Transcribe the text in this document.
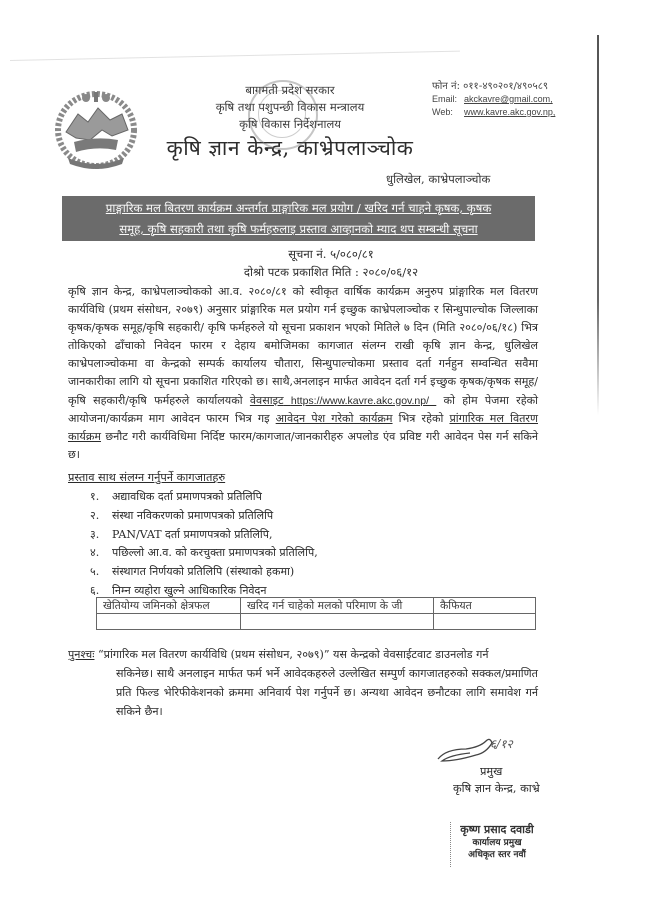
बागमती प्रदेश सरकार
कृषि तथा पशुपन्छी विकास मन्त्रालय
कृषि विकास निर्देशनालय
कृषि ज्ञान केन्द्र, काभ्रेपलाञ्चोक
फोन नं: ०११-४९०२०१/४९०५८९
Email: akckavre@gmail.com,
Web: www.kavre.akc.gov.np,
धुलिखेल, काभ्रेपलाञ्चोक
प्राङ्गारिक मल बितरण कार्यक्रम अन्तर्गत प्राङ्गारिक मल प्रयोग / खरिद गर्न चाहने कृषक, कृषक
समूह, कृषि सहकारी तथा कृषि फर्महरुलाइ प्रस्ताव आव्हानको म्याद थप सम्बन्धी सूचना
सूचना नं. ५/०८०/८१
दोश्रो पटक प्रकाशित मिति : २०८०/०६/१२
कृषि ज्ञान केन्द्र, काभ्रेपलाञ्चोकको आ.व. २०८०/८१ को स्वीकृत वार्षिक कार्यक्रम अनुरुप प्रांङ्गारिक मल वितरण कार्यविधि (प्रथम संसोधन, २०७९) अनुसार प्रांङ्गारिक मल प्रयोग गर्न इच्छुक काभ्रेपलाञ्चोक र सिन्धुपाल्चोक जिल्लाका कृषक/कृषक समूह/कृषि सहकारी/ कृषि फर्महरुले यो सूचना प्रकाशन भएको मितिले ७ दिन (मिति २०८०/०६/१८) भित्र तोकिएको ढाँचाको निवेदन फारम र देहाय बमोजिमका कागजात संलग्न राखी कृषि ज्ञान केन्द्र, धुलिखेल काभ्रेपलाञ्चोकमा वा केन्द्रको सम्पर्क कार्यालय चौतारा, सिन्धुपाल्चोकमा प्रस्ताव दर्ता गर्नहुन सम्वन्धित सवैमा जानकारीका लागि यो सूचना प्रकाशित गरिएको छ। साथै,अनलाइन मार्फत आवेदन दर्ता गर्न इच्छुक कृषक/कृषक समूह/कृषि सहकारी/कृषि फर्महरुले कार्यालयको वेवसाइट https://www.kavre.akc.gov.np/  को होम पेजमा रहेको आयोजना/कार्यक्रम माग आवेदन फारम भित्र गइ आवेदन पेश गरेको कार्यक्रम भित्र रहेको प्रांगारिक मल वितरण कार्यक्रम छनौट गरी कार्यविधिमा निर्दिष्ट फारम/कागजात/जानकारीहरु अपलोड एंव प्रविष्ट गरी आवेदन पेस गर्न सकिने छ।
प्रस्ताव साथ संलग्न गर्नुपर्ने कागजातहरु
१.	अद्यावधिक दर्ता प्रमाणपत्रको प्रतिलिपि
२.	संस्था नविकरणको प्रमाणपत्रको प्रतिलिपि
३.	PAN/VAT दर्ता प्रमाणपत्रको प्रतिलिपि,
४.	पछिल्लो आ.व. को करचुक्ता प्रमाणपत्रको प्रतिलिपि,
५.	संस्थागत निर्णयको प्रतिलिपि (संस्थाको हकमा)
६.	निम्न व्यहोरा खुल्ने आधिकारिक निवेदन
खेतियोग्य जमिनको क्षेत्रफल	खरिद गर्न चाहेको मलको परिमाण के जी	कैफियत

पुनश्चः “प्रांगारिक मल वितरण कार्यविधि (प्रथम संसोधन, २०७९)” यस केन्द्रको वेवसाईटवाट डाउनलोड गर्न
सकिनेछ। साथै अनलाइन मार्फत फर्म भर्ने आवेदकहरुले उल्लेखित सम्पुर्ण कागजातहरुको सक्कल/प्रमाणित प्रति फिल्ड भेरिफीकेशनको क्रममा अनिवार्य पेश गर्नुपर्ने छ। अन्यथा आवेदन छनौटका लागि समावेश गर्न सकिने छैन।
६/१२
प्रमुख
कृषि ज्ञान केन्द्र, काभ्रे
कृष्ण प्रसाद दवाडी
कार्यालय प्रमुख
अधिकृत स्तर नवौं
